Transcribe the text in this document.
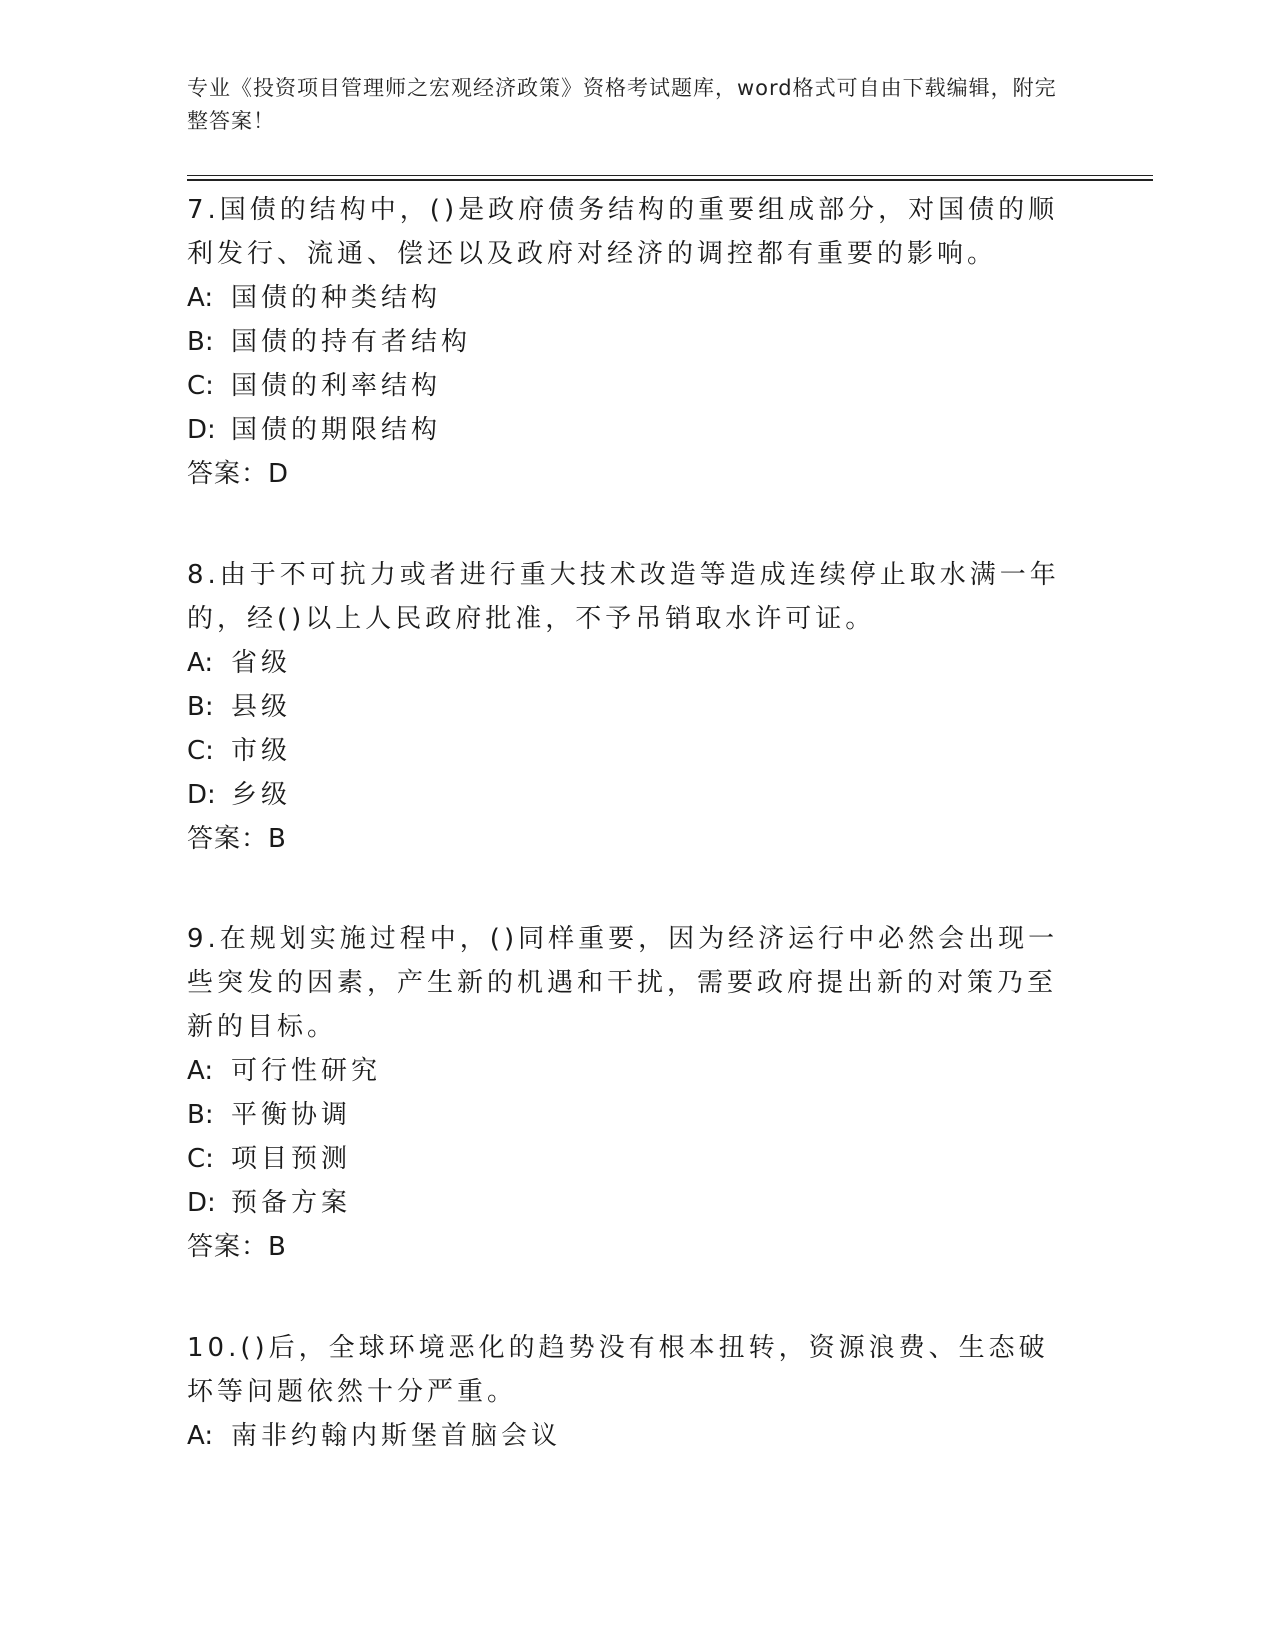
专业《投资项目管理师之宏观经济政策》资格考试题库，word格式可自由下载编辑，附完整答案！

7.国债的结构中，()是政府债务结构的重要组成部分，对国债的顺利发行、流通、偿还以及政府对经济的调控都有重要的影响。

A: 国债的种类结构

B: 国债的持有者结构

C: 国债的利率结构

D: 国债的期限结构

答案：D

8.由于不可抗力或者进行重大技术改造等造成连续停止取水满一年的，经()以上人民政府批准，不予吊销取水许可证。

A: 省级

B: 县级

C: 市级

D: 乡级

答案：B

9.在规划实施过程中，()同样重要，因为经济运行中必然会出现一些突发的因素，产生新的机遇和干扰，需要政府提出新的对策乃至新的目标。

A: 可行性研究

B: 平衡协调

C: 项目预测

D: 预备方案

答案：B

10.()后，全球环境恶化的趋势没有根本扭转，资源浪费、生态破坏等问题依然十分严重。

A: 南非约翰内斯堡首脑会议
